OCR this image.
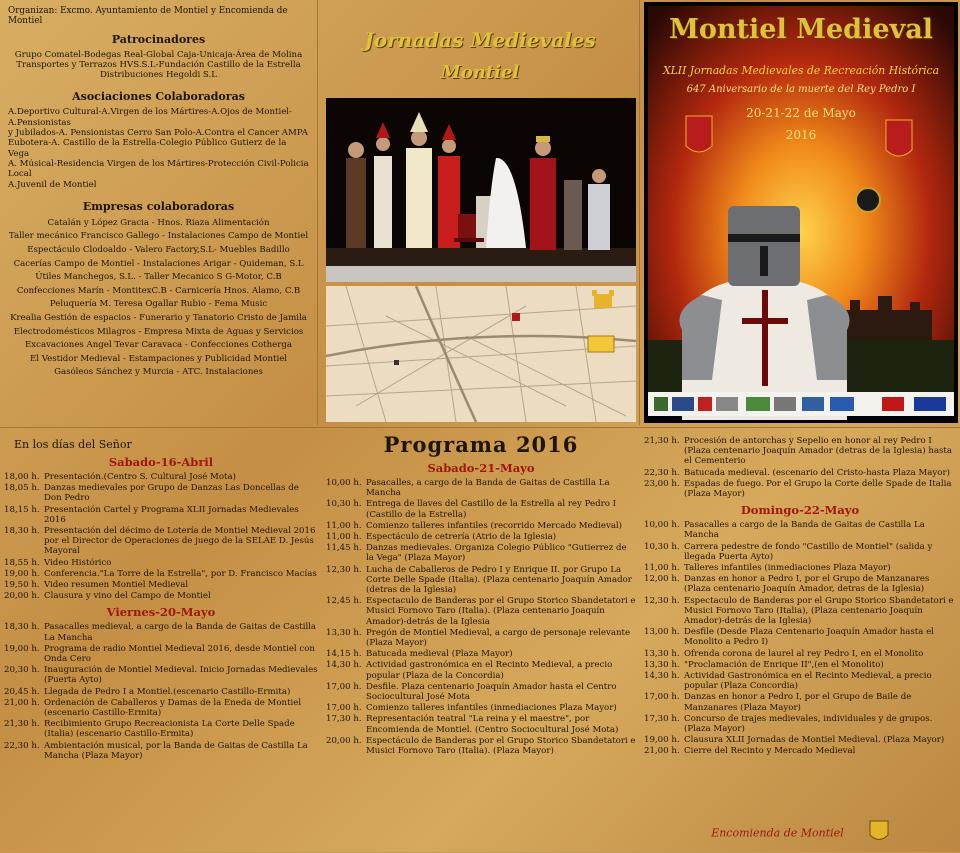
Organizan: Excmo. Ayuntamiento de Montiel y Encomienda de Montiel
Patrocinadores
Grupo Comatel-Bodegas Real-Global Caja-Unicaja-Área de Molina
Transportes y Terrazos HVS.S.L-Fundación Castillo de la Estrella
Distribuciones Hegoldi S.L
Asociaciones Colaboradoras
A.Deportivo Cultural-A.Virgen de los Mártires-A.Ojos de Montiel-A.Pensionistas
y Jubilados-A. Pensionistas Cerro San Polo-A.Contra el Cancer AMPA
Eubotera-A. Castillo de la Estrella-Colegio Público Gutierz de la Vega
A. Músical-Residencia Virgen de los Mártires-Protección Civil-Policia Local
A.Juvenil de Montiel
Empresas colaboradoras
Catalán y López Gracia - Hnos. Riaza Alimentación
Taller mecánico Francisco Gallego - Instalaciones Campo de Montiel
Espectáculo Clodoaldo - Valero Factory,S.L- Muebles Badillo
Cacerías Campo de Montiel - Instalaciones Arigar - Quideman, S.L
Útiles Manchegos, S.L. - Taller Mecanico S G-Motor, C.B
Confecciones Marín - MontitexC.B - Carnicería Hnos. Alamo, C.B
Peluquería M. Teresa Ogallar Rubio - Fema Music
Krealia Gestión de espacios - Funerario y Tanatorio Cristo de Jamila
Electrodomésticos Milagros - Empresa Mixta de Aguas y Servicios
Excavaciones Angel Tevar Caravaca - Confecciones Cotherga
El Vestidor Medieval - Estampaciones y Publicidad Montiel
Gasóleos Sánchez y Murcia - ATC. Instalaciones
Jornadas Medievales
Montiel
Montiel Medieval
XLII Jornadas Medievales de Recreación Histórica
647 Aniversario de la muerte del Rey Pedro I
20-21-22 de Mayo
2016
En los días del Señor
Sabado-16-Abril
18,00 h. Presentación.(Centro S. Cultural José Mota)
18,05 h. Danzas medievales por Grupo de Danzas Las Doncellas de Don Pedro
18,15 h. Presentación Cartel y Programa XLII Jornadas Medievales 2016
18,30 h. Presentación del décimo de Lotería de Montiel Medieval 2016 por el Director de Operaciones de juego de la SELAE D. Jesús Mayoral
18,55 h. Video Histórico
19,00 h. Conferencia."La Torre de la Estrella", por D. Francisco Macías
19,50 h. Video resumen Montiel Medieval
20,00 h. Clausura y vino del Campo de Montiel
Viernes-20-Mayo
18,30 h. Pasacalles medieval, a cargo de la Banda de Gaitas de Castilla La Mancha
19,00 h. Programa de radio Montiel Medieval 2016, desde Montiel con Onda Cero
20,30 h. Inauguración de Montiel Medieval. Inicio Jornadas Medievales (Puerta Ayto)
20,45 h. Llegada de Pedro I a Montiel.(escenario Castillo-Ermita)
21,00 h. Ordenación de Caballeros y Damas de la Eneda de Montiel (escenario Castillo-Ermita)
21,30 h. Recibimiento Grupo Recreacionista La Corte Delle Spade (Italia) (escenario Castillo-Ermita)
22,30 h. Ambientación musical, por la Banda de Gaitas de Castilla La Mancha (Plaza Mayor)
Programa 2016
Sabado-21-Mayo
10,00 h. Pasacalles, a cargo de la Banda de Gaitas de Castilla La Mancha
10,30 h. Entrega de llaves del Castillo de la Estrella al rey Pedro I (Castillo de la Estrella)
11,00 h. Comienzo talleres infantiles (recorrido Mercado Medieval)
11,00 h. Espectáculo de cetrería (Atrio de la Iglesia)
11,45 h. Danzas medievales. Organiza Colegio Público "Gutierrez de la Vega" (Plaza Mayor)
12,30 h. Lucha de Caballeros de Pedro I y Enrique II. por Grupo La Corte Delle Spade (Italia). (Plaza centenario Joaquín Amador (detras de la Iglesia)
12,45 h. Espectaculo de Banderas por el Grupo Storico Sbandetatori e Musici Fornovo Taro (Italia). (Plaza centenario Joaquín Amador)-detrás de la Iglesia
13,30 h. Pregón de Montiel Medieval, a cargo de personaje relevante (Plaza Mayor)
14,15 h. Batucada medieval (Plaza Mayor)
14,30 h. Actividad gastronómica en el Recinto Medieval, a precio popular (Plaza de la Concordia)
17,00 h. Desfile. Plaza centenario Joaquín Amador hasta el Centro Sociocultural José Mota
17,00 h. Comienzo talleres infantiles (inmediaciones Plaza Mayor)
17,30 h. Representación teatral "La reina y el maestre", por Encomienda de Montiel. (Centro Sociocultural José Mota)
20,00 h. Espectáculo de Banderas por el Grupo Storico Sbandetatori e Musici Fornovo Taro (Italia). (Plaza Mayor)
21,30 h. Procesión de antorchas y Sepelio en honor al rey Pedro I (Plaza centenario Joaquín Amador (detras de la Iglesia) hasta el Cementerio
22,30 h. Batucada medieval. (escenario del Cristo-hasta Plaza Mayor)
23,00 h. Espadas de fuego. Por el Grupo la Corte delle Spade de Italia (Plaza Mayor)
Domingo-22-Mayo
10,00 h. Pasacalles a cargo de la Banda de Gaitas de Castilla La Mancha
10,30 h. Carrera pedestre de fondo "Castillo de Montiel" (salida y llegada Puerta Ayto)
11,00 h. Talleres infantiles (inmediaciones Plaza Mayor)
12,00 h. Danzas en honor a Pedro I, por el Grupo de Manzanares (Plaza centenario Joaquín Amador, detras de la Iglesia)
12,30 h. Espectaculo de Banderas por el Grupo Storico Sbandetatori e Musici Fornovo Taro (Italia), (Plaza centenario Joaquín Amador)-detrás de la Iglesia)
13,00 h. Desfile (Desde Plaza Centenario Joaquín Amador hasta el Monolito a Pedro I)
13,30 h. Ofrenda corona de laurel al rey Pedro I, en el Monolito
13,30 h. "Proclamación de Enrique II",(en el Monolito)
14,30 h. Actividad Gastronómica en el Recinto Medieval, a precio popular (Plaza Concordia)
17,00 h. Danzas en honor a Pedro I, por el Grupo de Baile de Manzanares (Plaza Mayor)
17,30 h. Concurso de trajes medievales, individuales y de grupos. (Plaza Mayor)
19,00 h. Clausura XLII Jornadas de Montiel Medieval. (Plaza Mayor)
21,00 h. Cierre del Recinto y Mercado Medieval
Encomienda de Montiel
